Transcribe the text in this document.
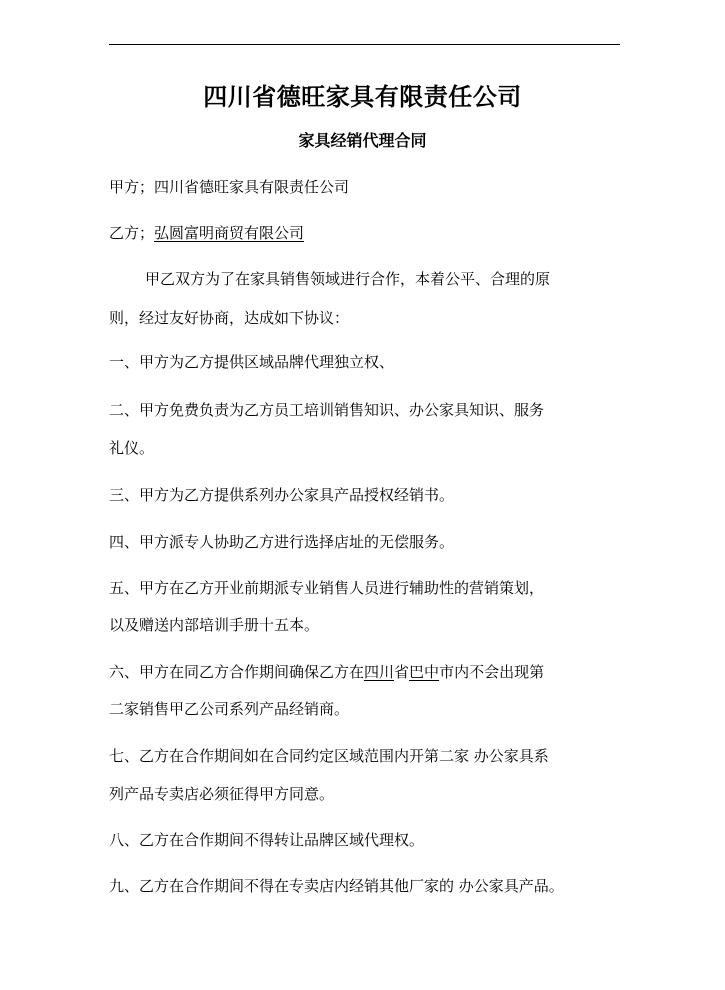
四川省德旺家具有限责任公司
家具经销代理合同
甲方；四川省德旺家具有限责任公司
乙方；弘圆富明商贸有限公司
甲乙双方为了在家具销售领域进行合作，本着公平、合理的原
则，经过友好协商，达成如下协议：
一、甲方为乙方提供区域品牌代理独立权、
二、甲方免费负责为乙方员工培训销售知识、办公家具知识、服务
礼仪。
三、甲方为乙方提供系列办公家具产品授权经销书。
四、甲方派专人协助乙方进行选择店址的无偿服务。
五、甲方在乙方开业前期派专业销售人员进行辅助性的营销策划，
以及赠送内部培训手册十五本。
六、甲方在同乙方合作期间确保乙方在四川省巴中市内不会出现第
二家销售甲乙公司系列产品经销商。
七、乙方在合作期间如在合同约定区域范围内开第二家 办公家具系
列产品专卖店必须征得甲方同意。
八、乙方在合作期间不得转让品牌区域代理权。
九、乙方在合作期间不得在专卖店内经销其他厂家的 办公家具产品。
